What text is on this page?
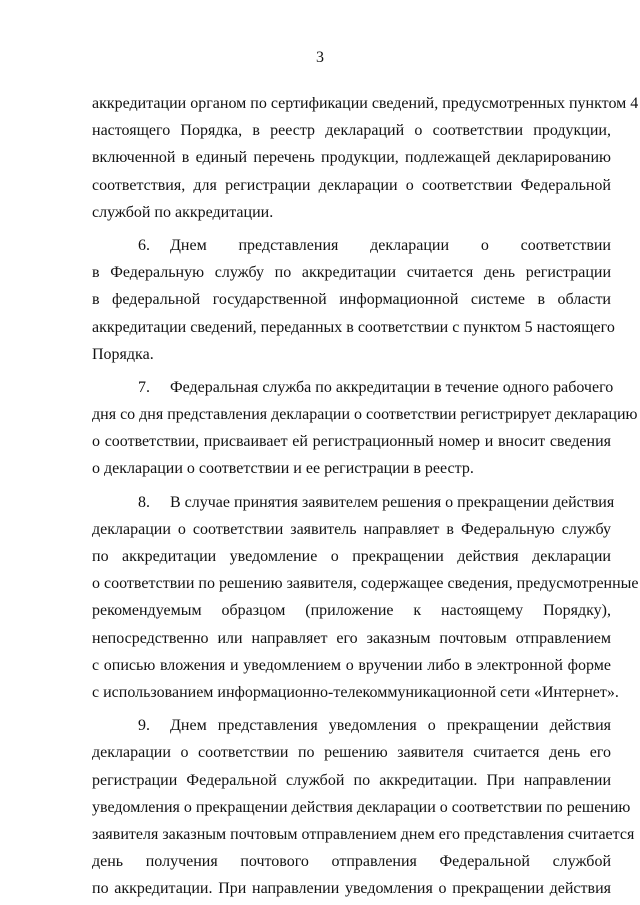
3
аккредитации органом по сертификации сведений, предусмотренных пунктом 4
настоящего Порядка, в реестр деклараций о соответствии продукции,
включенной в единый перечень продукции, подлежащей декларированию
соответствия, для регистрации декларации о соответствии Федеральной
службой по аккредитации.
6. Днем представления декларации о соответствии
в Федеральную службу по аккредитации считается день регистрации
в федеральной государственной информационной системе в области
аккредитации сведений, переданных в соответствии с пунктом 5 настоящего
Порядка.
7. Федеральная служба по аккредитации в течение одного рабочего
дня со дня представления декларации о соответствии регистрирует декларацию
о соответствии, присваивает ей регистрационный номер и вносит сведения
о декларации о соответствии и ее регистрации в реестр.
8. В случае принятия заявителем решения о прекращении действия
декларации о соответствии заявитель направляет в Федеральную службу
по аккредитации уведомление о прекращении действия декларации
о соответствии по решению заявителя, содержащее сведения, предусмотренные
рекомендуемым образцом (приложение к настоящему Порядку),
непосредственно или направляет его заказным почтовым отправлением
с описью вложения и уведомлением о вручении либо в электронной форме
с использованием информационно-телекоммуникационной сети «Интернет».
9. Днем представления уведомления о прекращении действия
декларации о соответствии по решению заявителя считается день его
регистрации Федеральной службой по аккредитации. При направлении
уведомления о прекращении действия декларации о соответствии по решению
заявителя заказным почтовым отправлением днем его представления считается
день получения почтового отправления Федеральной службой
по аккредитации. При направлении уведомления о прекращении действия
